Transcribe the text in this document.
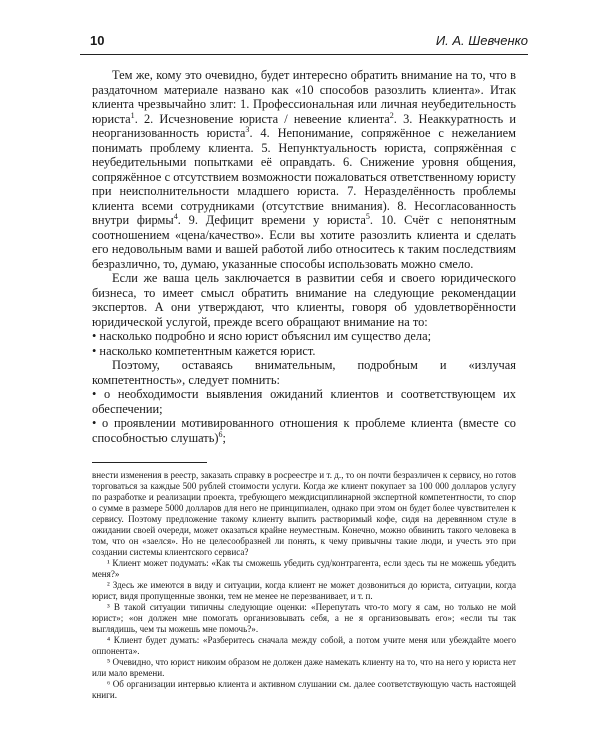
10	И. А. Шевченко

Тем же, кому это очевидно, будет интересно обратить внимание на то, что в раздаточном материале названо как «10 способов разозлить клиента». Итак клиента чрезвычайно злит: 1. Профессиональная или личная неубедительность юриста$^1$. 2. Исчезновение юриста / невеение клиента$^2$. 3. Неаккуратность и неорганизованность юриста$^3$. 4. Непонимание, сопряжённое с нежеланием понимать проблему клиента. 5. Непунктуальность юриста, сопряжённая с неубедительными попытками её оправдать. 6. Снижение уровня общения, сопряжённое с отсутствием возможности пожаловаться ответственному юристу при неисполнительности младшего юриста. 7. Неразделённость проблемы клиента всеми сотрудниками (отсутствие внимания). 8. Несогласованность внутри фирмы$^4$. 9. Дефицит времени у юриста$^5$. 10. Счёт с непонятным соотношением «цена/качество». Если вы хотите разозлить клиента и сделать его недовольным вами и вашей работой либо относитесь к таким последствиям безразлично, то, думаю, указанные способы использовать можно смело.

Если же ваша цель заключается в развитии себя и своего юридического бизнеса, то имеет смысл обратить внимание на следующие рекомендации экспертов. А они утверждают, что клиенты, говоря об удовлетворённости юридической услугой, прежде всего обращают внимание на то:

• насколько подробно и ясно юрист объяснил им существо дела;

• насколько компетентным кажется юрист.

Поэтому, оставаясь внимательным, подробным и «излучая компетентность», следует помнить:

• о необходимости выявления ожиданий клиентов и соответствующем их обеспечении;

• о проявлении мотивированного отношения к проблеме клиента (вместе со способностью слушать)$^6$;

внести изменения в реестр, заказать справку в росреестре и т. д., то он почти безразличен к сервису, но готов торговаться за каждые 500 рублей стоимости услуги. Когда же клиент покупает за 100 000 долларов услугу по разработке и реализации проекта, требующего междисциплинарной экспертной компетентности, то спор о сумме в размере 5000 долларов для него не принципиален, однако при этом он будет более чувствителен к сервису. Поэтому предложение такому клиенту выпить растворимый кофе, сидя на деревянном стуле в ожидании своей очереди, может оказаться крайне неуместным. Конечно, можно обвинить такого человека в том, что он «заелся». Но не целесообразней ли понять, к чему привычны такие люди, и учесть это при создании системы клиентского сервиса?

¹ Клиент может подумать: «Как ты сможешь убедить суд/контрагента, если здесь ты не можешь убедить меня?»

² Здесь же имеются в виду и ситуации, когда клиент не может дозвониться до юриста, ситуации, когда юрист, видя пропущенные звонки, тем не менее не перезванивает, и т. п.

³ В такой ситуации типичны следующие оценки: «Перепутать что-то могу я сам, но только не мой юрист»; «он должен мне помогать организовывать себя, а не я организовывать его»; «если ты так выглядишь, чем ты можешь мне помочь?».

⁴ Клиент будет думать: «Разберитесь сначала между собой, а потом учите меня или убеждайте моего оппонента».

⁵ Очевидно, что юрист никоим образом не должен даже намекать клиенту на то, что на него у юриста нет или мало времени.

⁶ Об организации интервью клиента и активном слушании см. далее соответствующую часть настоящей книги.
